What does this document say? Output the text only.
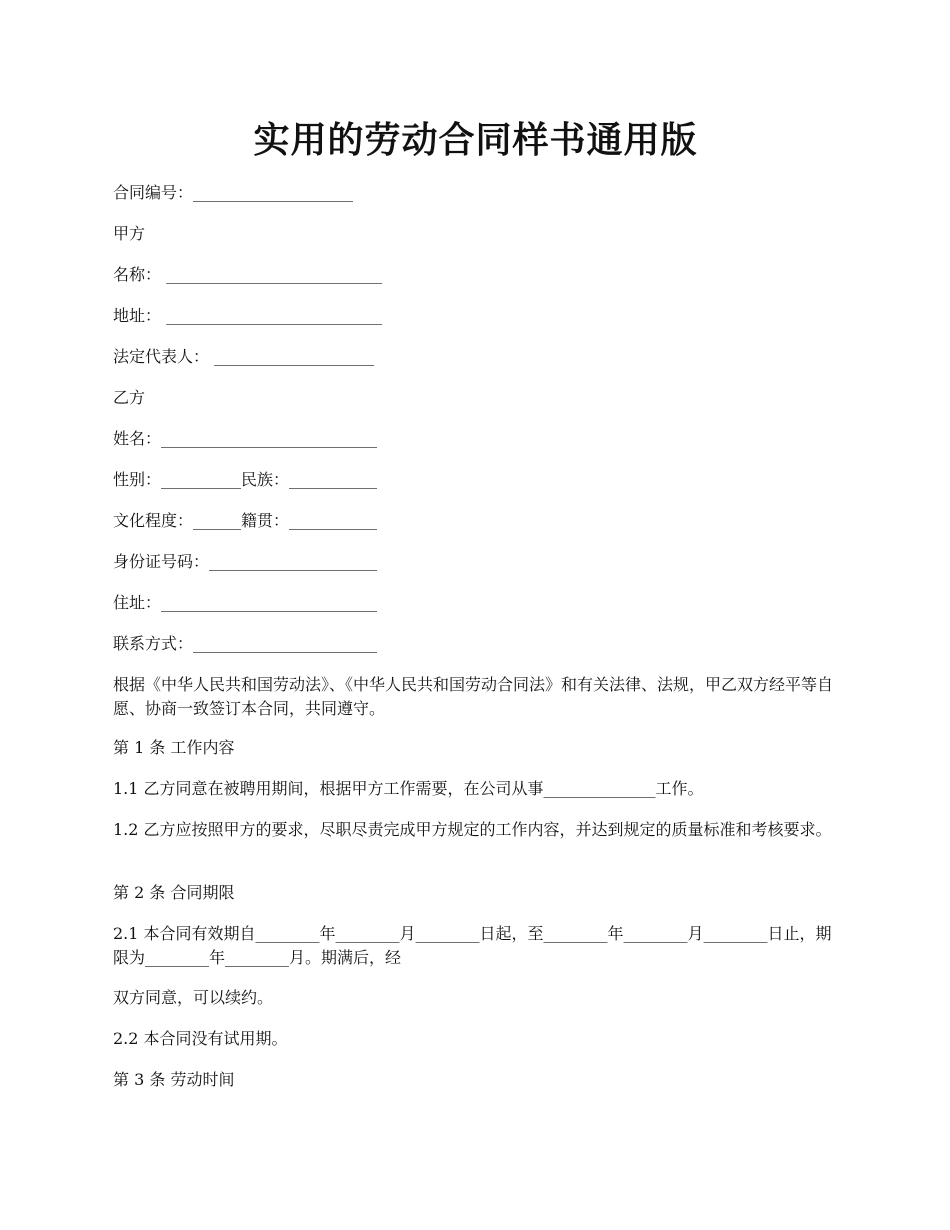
实用的劳动合同样书通用版
合同编号：____________________
甲方
名称： ___________________________
地址： ___________________________
法定代表人： ____________________
乙方
姓名：___________________________
性别：__________民族：___________
文化程度：______籍贯：___________
身份证号码：_____________________
住址：___________________________
联系方式：_______________________
根据《中华人民共和国劳动法》、《中华人民共和国劳动合同法》和有关法律、法规，甲乙双方经平等自愿、协商一致签订本合同，共同遵守。
第 1 条 工作内容
1.1 乙方同意在被聘用期间，根据甲方工作需要，在公司从事______________工作。
1.2 乙方应按照甲方的要求，尽职尽责完成甲方规定的工作内容，并达到规定的质量标准和考核要求。
第 2 条 合同期限
2.1 本合同有效期自________年________月________日起，至________年________月________日止，期限为________年________月。期满后，经
双方同意，可以续约。
2.2 本合同没有试用期。
第 3 条 劳动时间
